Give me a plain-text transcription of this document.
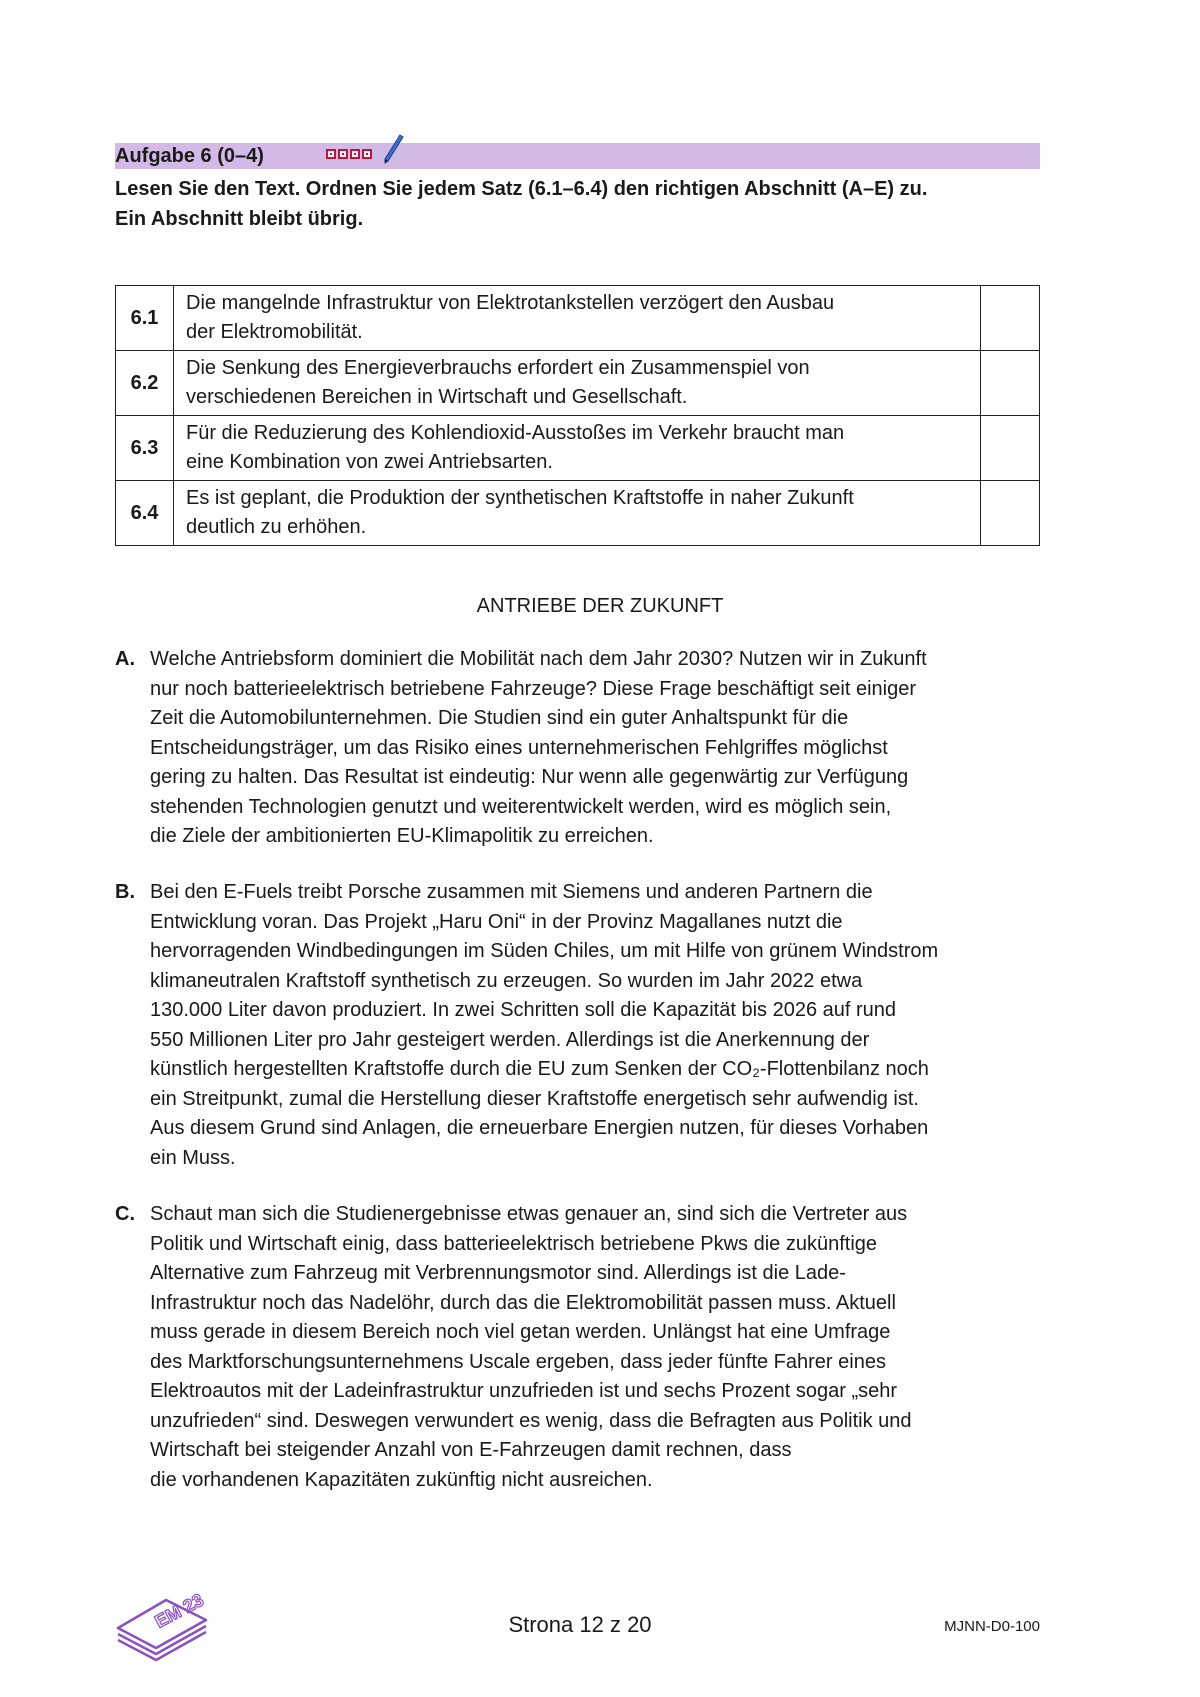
Aufgabe 6 (0–4)
Lesen Sie den Text. Ordnen Sie jedem Satz (6.1–6.4) den richtigen Abschnitt (A–E) zu.
Ein Abschnitt bleibt übrig.
6.1	Die mangelnde Infrastruktur von Elektrotankstellen verzögert den Ausbau
der Elektromobilität.	

6.2	Die Senkung des Energieverbrauchs erfordert ein Zusammenspiel von
verschiedenen Bereichen in Wirtschaft und Gesellschaft.	

6.3	Für die Reduzierung des Kohlendioxid-Ausstoßes im Verkehr braucht man
eine Kombination von zwei Antriebsarten.	

6.4	Es ist geplant, die Produktion der synthetischen Kraftstoffe in naher Zukunft
deutlich zu erhöhen.	

ANTRIEBE DER ZUKUNFT
A. Welche Antriebsform dominiert die Mobilität nach dem Jahr 2030? Nutzen wir in Zukunft
nur noch batterieelektrisch betriebene Fahrzeuge? Diese Frage beschäftigt seit einiger
Zeit die Automobilunternehmen. Die Studien sind ein guter Anhaltspunkt für die
Entscheidungsträger, um das Risiko eines unternehmerischen Fehlgriffes möglichst
gering zu halten. Das Resultat ist eindeutig: Nur wenn alle gegenwärtig zur Verfügung
stehenden Technologien genutzt und weiterentwickelt werden, wird es möglich sein,
die Ziele der ambitionierten EU-Klimapolitik zu erreichen.
B. Bei den E-Fuels treibt Porsche zusammen mit Siemens und anderen Partnern die
Entwicklung voran. Das Projekt „Haru Oni“ in der Provinz Magallanes nutzt die
hervorragenden Windbedingungen im Süden Chiles, um mit Hilfe von grünem Windstrom
klimaneutralen Kraftstoff synthetisch zu erzeugen. So wurden im Jahr 2022 etwa
130.000 Liter davon produziert. In zwei Schritten soll die Kapazität bis 2026 auf rund
550 Millionen Liter pro Jahr gesteigert werden. Allerdings ist die Anerkennung der
künstlich hergestellten Kraftstoffe durch die EU zum Senken der CO₂-Flottenbilanz noch
ein Streitpunkt, zumal die Herstellung dieser Kraftstoffe energetisch sehr aufwendig ist.
Aus diesem Grund sind Anlagen, die erneuerbare Energien nutzen, für dieses Vorhaben
ein Muss.
C. Schaut man sich die Studienergebnisse etwas genauer an, sind sich die Vertreter aus
Politik und Wirtschaft einig, dass batterieelektrisch betriebene Pkws die zukünftige
Alternative zum Fahrzeug mit Verbrennungsmotor sind. Allerdings ist die Lade-
Infrastruktur noch das Nadelöhr, durch das die Elektromobilität passen muss. Aktuell
muss gerade in diesem Bereich noch viel getan werden. Unlängst hat eine Umfrage
des Marktforschungsunternehmens Uscale ergeben, dass jeder fünfte Fahrer eines
Elektroautos mit der Ladeinfrastruktur unzufrieden ist und sechs Prozent sogar „sehr
unzufrieden“ sind. Deswegen verwundert es wenig, dass die Befragten aus Politik und
Wirtschaft bei steigender Anzahl von E-Fahrzeugen damit rechnen, dass
die vorhandenen Kapazitäten zukünftig nicht ausreichen.
EM 23	Strona 12 z 20	MJNN-D0-100
